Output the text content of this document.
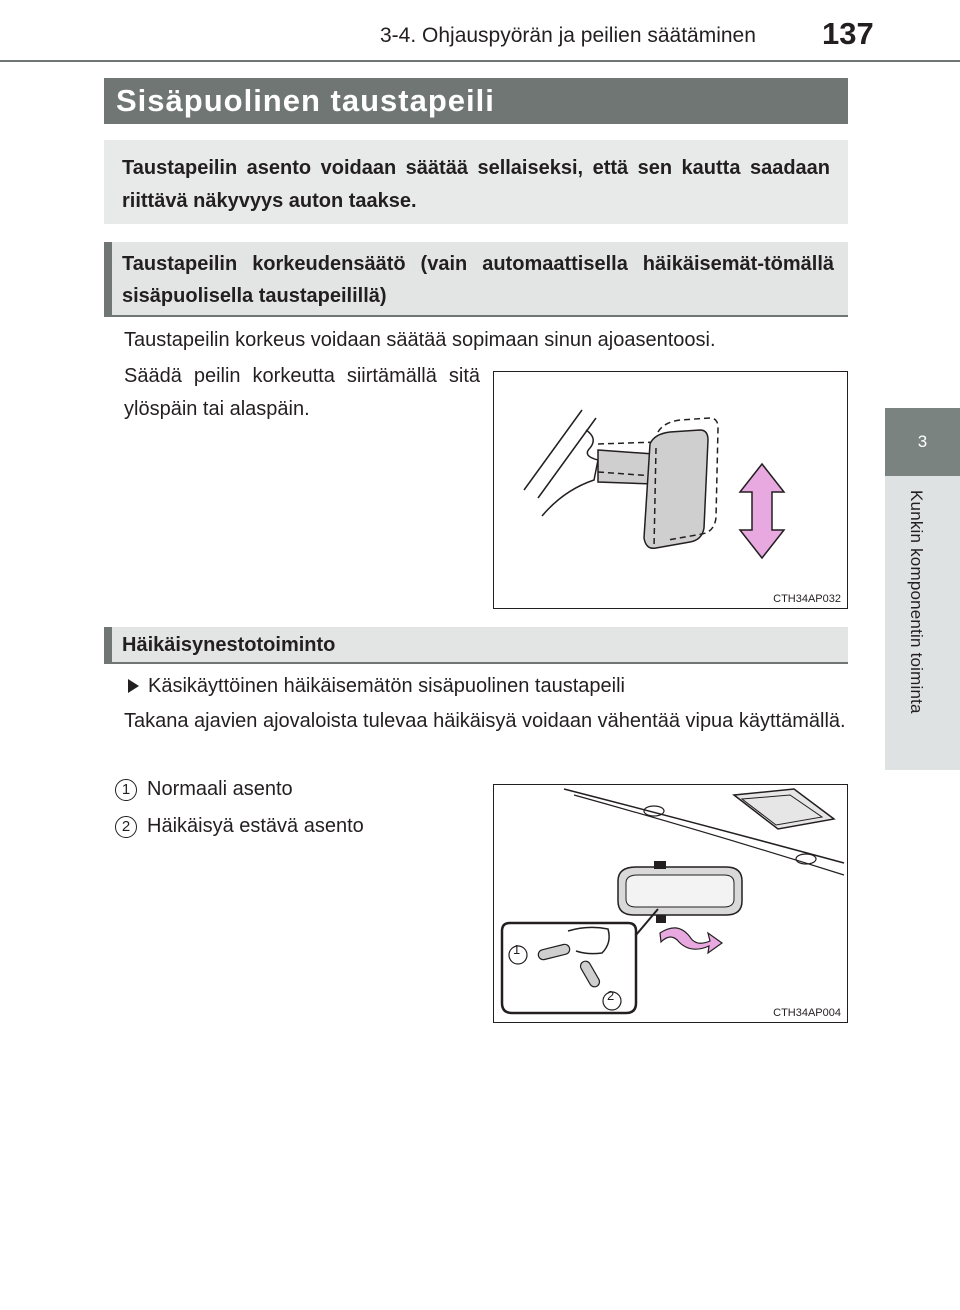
3-4. Ohjauspyörän ja peilien säätäminen 137
3
Kunkin komponentin toiminta
Sisäpuolinen taustapeili
Taustapeilin asento voidaan säätää sellaiseksi, että sen kautta saadaan riittävä näkyvyys auton taakse.
Taustapeilin korkeudensäätö (vain automaattisella häikäisemät-tömällä sisäpuolisella taustapeilillä)
Taustapeilin korkeus voidaan säätää sopimaan sinun ajoasentoosi.
Säädä peilin korkeutta siirtämällä sitä ylöspäin tai alaspäin.
CTH34AP032
Häikäisynestotoiminto
Käsikäyttöinen häikäisemätön sisäpuolinen taustapeili
Takana ajavien ajovaloista tulevaa häikäisyä voidaan vähentää vipua käyttämällä.
1 Normaali asento
2 Häikäisyä estävä asento
1
2
CTH34AP004
